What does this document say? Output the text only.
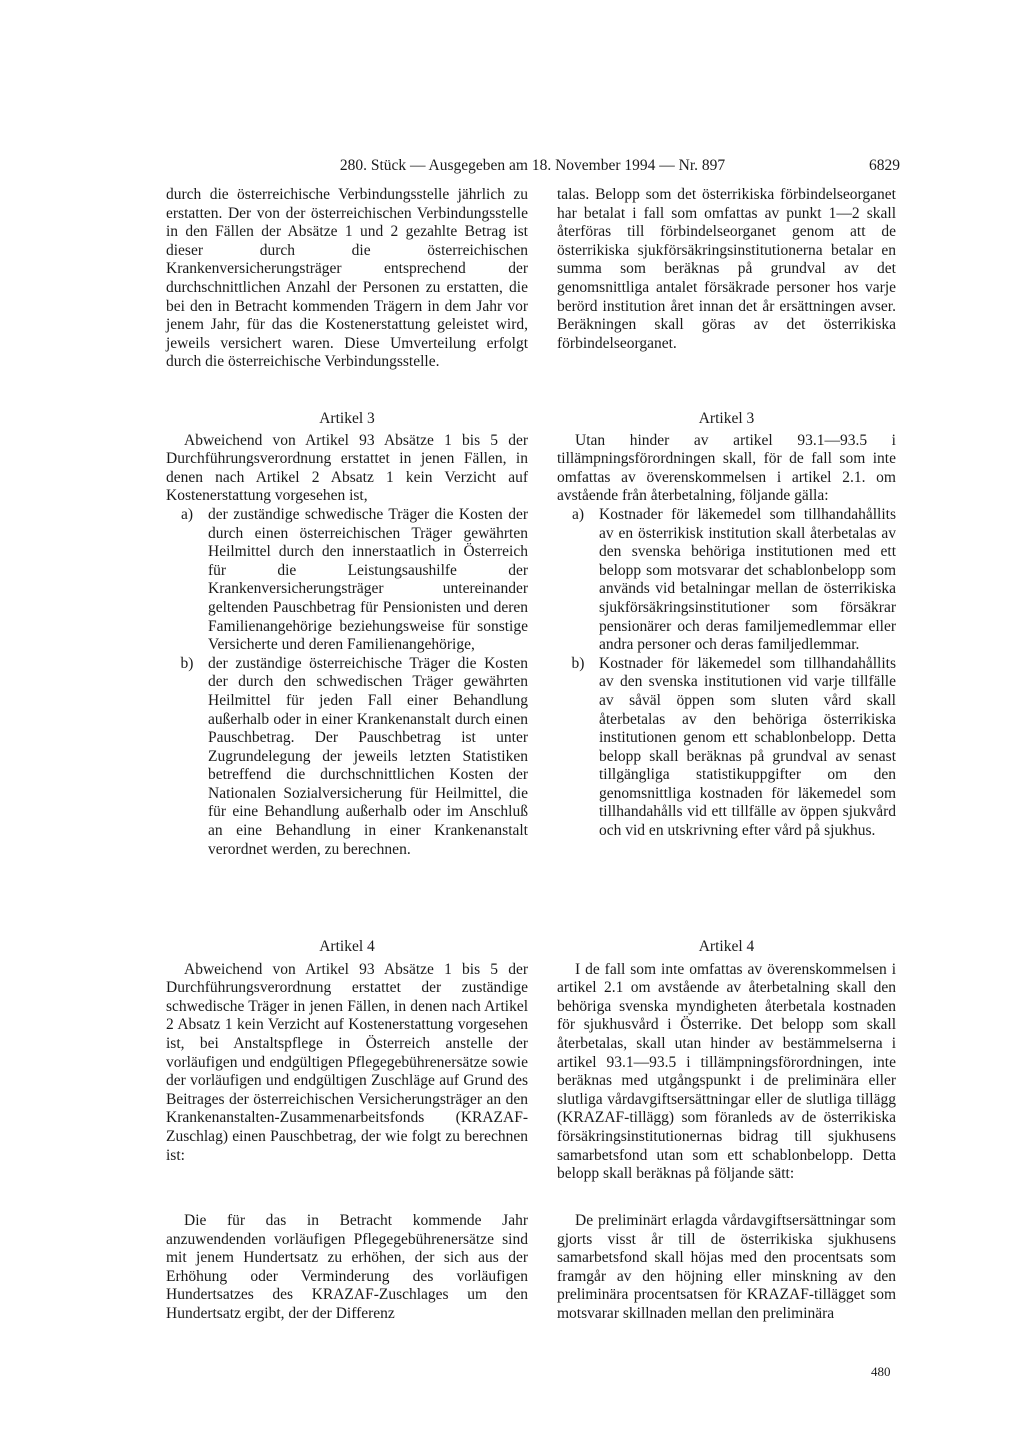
280. Stück — Ausgegeben am 18. November 1994 — Nr. 897	6829

durch die österreichische Verbindungsstelle jährlich zu erstatten. Der von der österreichischen Verbindungsstelle in den Fällen der Absätze 1 und 2 gezahlte Betrag ist dieser durch die österreichischen Krankenversicherungsträger entsprechend der durchschnittlichen Anzahl der Personen zu erstatten, die bei den in Betracht kommenden Trägern in dem Jahr vor jenem Jahr, für das die Kostenerstattung geleistet wird, jeweils versichert waren. Diese Umverteilung erfolgt durch die österreichische Verbindungsstelle.

Artikel 3

Abweichend von Artikel 93 Absätze 1 bis 5 der Durchführungsverordnung erstattet in jenen Fällen, in denen nach Artikel 2 Absatz 1 kein Verzicht auf Kostenerstattung vorgesehen ist,

a) der zuständige schwedische Träger die Kosten der durch einen österreichischen Träger gewährten Heilmittel durch den innerstaatlich in Österreich für die Leistungsaushilfe der Krankenversicherungsträger untereinander geltenden Pauschbetrag für Pensionisten und deren Familienangehörige beziehungsweise für sonstige Versicherte und deren Familienangehörige,
b) der zuständige österreichische Träger die Kosten der durch den schwedischen Träger gewährten Heilmittel für jeden Fall einer Behandlung außerhalb oder in einer Krankenanstalt durch einen Pauschbetrag. Der Pauschbetrag ist unter Zugrundelegung der jeweils letzten Statistiken betreffend die durchschnittlichen Kosten der Nationalen Sozialversicherung für Heilmittel, die für eine Behandlung außerhalb oder im Anschluß an eine Behandlung in einer Krankenanstalt verordnet werden, zu berechnen.

Artikel 4

Abweichend von Artikel 93 Absätze 1 bis 5 der Durchführungsverordnung erstattet der zuständige schwedische Träger in jenen Fällen, in denen nach Artikel 2 Absatz 1 kein Verzicht auf Kostenerstattung vorgesehen ist, bei Anstaltspflege in Österreich anstelle der vorläufigen und endgültigen Pflegegebührenersätze sowie der vorläufigen und endgültigen Zuschläge auf Grund des Beitrages der österreichischen Versicherungsträger an den Krankenanstalten-Zusammenarbeitsfonds (KRAZAF-Zuschlag) einen Pauschbetrag, der wie folgt zu berechnen ist:

Die für das in Betracht kommende Jahr anzuwendenden vorläufigen Pflegegebührenersätze sind mit jenem Hundertsatz zu erhöhen, der sich aus der Erhöhung oder Verminderung des vorläufigen Hundertsatzes des KRAZAF-Zuschlages um den Hundertsatz ergibt, der der Differenz

talas. Belopp som det österrikiska förbindelseorganet har betalat i fall som omfattas av punkt 1—2 skall återföras till förbindelseorganet genom att de österrikiska sjukförsäkringsinstitutionerna betalar en summa som beräknas på grundval av det genomsnittliga antalet försäkrade personer hos varje berörd institution året innan det år ersättningen avser. Beräkningen skall göras av det österrikiska förbindelseorganet.

Artikel 3

Utan hinder av artikel 93.1—93.5 i tillämpningsförordningen skall, för de fall som inte omfattas av överenskommelsen i artikel 2.1. om avstående från återbetalning, följande gälla:

a) Kostnader för läkemedel som tillhandahållits av en österrikisk institution skall återbetalas av den svenska behöriga institutionen med ett belopp som motsvarar det schablonbelopp som används vid betalningar mellan de österrikiska sjukförsäkringsinstitutioner som försäkrar pensionärer och deras familjemedlemmar eller andra personer och deras familjedlemmar.
b) Kostnader för läkemedel som tillhandahållits av den svenska institutionen vid varje tillfälle av såväl öppen som sluten vård skall återbetalas av den behöriga österrikiska institutionen genom ett schablonbelopp. Detta belopp skall beräknas på grundval av senast tillgängliga statistikuppgifter om den genomsnittliga kostnaden för läkemedel som tillhandahålls vid ett tillfälle av öppen sjukvård och vid en utskrivning efter vård på sjukhus.

Artikel 4

I de fall som inte omfattas av överenskommelsen i artikel 2.1 om avstående av återbetalning skall den behöriga svenska myndigheten återbetala kostnaden för sjukhusvård i Österrike. Det belopp som skall återbetalas, skall utan hinder av bestämmelserna i artikel 93.1—93.5 i tillämpningsförordningen, inte beräknas med utgångspunkt i de preliminära eller slutliga vårdavgiftsersättningar eller de slutliga tillägg (KRAZAF-tillägg) som föranleds av de österrikiska försäkringsinstitutionernas bidrag till sjukhusens samarbetsfond utan som ett schablonbelopp. Detta belopp skall beräknas på följande sätt:

De preliminärt erlagda vårdavgiftsersättningar som gjorts visst år till de österrikiska sjukhusens samarbetsfond skall höjas med den procentsats som framgår av den höjning eller minskning av den preliminära procentsatsen för KRAZAF-tillägget som motsvarar skillnaden mellan den preliminära

480
